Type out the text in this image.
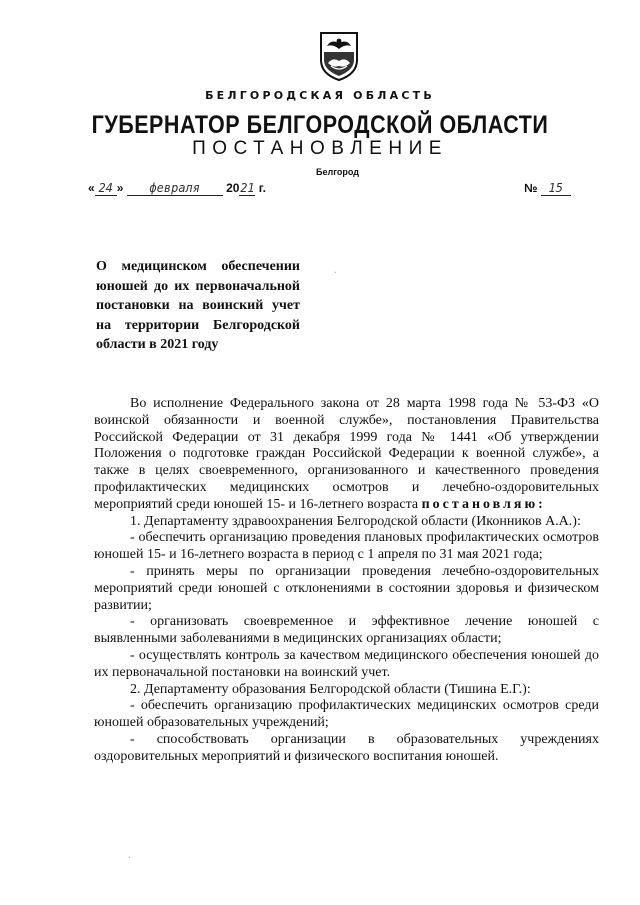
БЕЛГОРОДСКАЯ ОБЛАСТЬ
ГУБЕРНАТОР БЕЛГОРОДСКОЙ ОБЛАСТИ
ПОСТАНОВЛЕНИЕ
Белгород
« 24 » февраля 2021 г.	№ 15
О медицинском обеспечении юношей до их первоначальной постановки на воинский учет на территории Белгородской области в 2021 году

Во исполнение Федерального закона от 28 марта 1998 года № 53-ФЗ «О воинской обязанности и военной службе», постановления Правительства Российской Федерации от 31 декабря 1999 года № 1441 «Об утверждении Положения о подготовке граждан Российской Федерации к военной службе», а также в целях своевременного, организованного и качественного проведения профилактических медицинских осмотров и лечебно-оздоровительных мероприятий среди юношей 15- и 16-летнего возраста постановляю:

1. Департаменту здравоохранения Белгородской области (Иконников А.А.):

- обеспечить организацию проведения плановых профилактических осмотров юношей 15- и 16-летнего возраста в период с 1 апреля по 31 мая 2021 года;

- принять меры по организации проведения лечебно-оздоровительных мероприятий среди юношей с отклонениями в состоянии здоровья и физическом развитии;

- организовать своевременное и эффективное лечение юношей с выявленными заболеваниями в медицинских организациях области;

- осуществлять контроль за качеством медицинского обеспечения юношей до их первоначальной постановки на воинский учет.

2. Департаменту образования Белгородской области (Тишина Е.Г.):

- обеспечить организацию профилактических медицинских осмотров среди юношей образовательных учреждений;

- способствовать организации в образовательных учреждениях оздоровительных мероприятий и физического воспитания юношей.

ˋ
ˋ
